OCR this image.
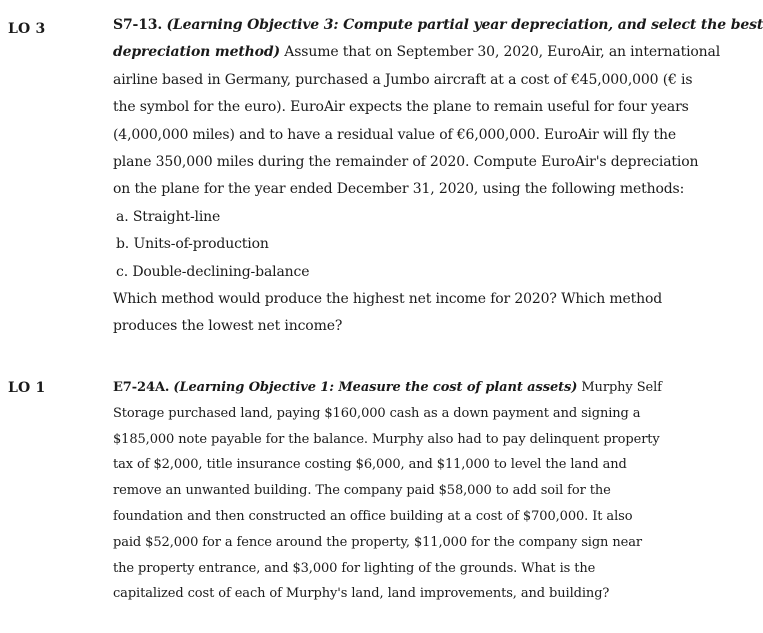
LO 3	S7-13. (Learning Objective 3: Compute partial year depreciation, and select the best
depreciation method) Assume that on September 30, 2020, EuroAir, an international
airline based in Germany, purchased a Jumbo aircraft at a cost of €45,000,000 (€ is
the symbol for the euro). EuroAir expects the plane to remain useful for four years
(4,000,000 miles) and to have a residual value of €6,000,000. EuroAir will fly the
plane 350,000 miles during the remainder of 2020. Compute EuroAir's depreciation
on the plane for the year ended December 31, 2020, using the following methods:
a. Straight-line
b. Units-of-production
c. Double-declining-balance
Which method would produce the highest net income for 2020? Which method
produces the lowest net income?
LO 1	E7-24A. (Learning Objective 1: Measure the cost of plant assets) Murphy Self
Storage purchased land, paying $160,000 cash as a down payment and signing a
$185,000 note payable for the balance. Murphy also had to pay delinquent property
tax of $2,000, title insurance costing $6,000, and $11,000 to level the land and
remove an unwanted building. The company paid $58,000 to add soil for the
foundation and then constructed an office building at a cost of $700,000. It also
paid $52,000 for a fence around the property, $11,000 for the company sign near
the property entrance, and $3,000 for lighting of the grounds. What is the
capitalized cost of each of Murphy's land, land improvements, and building?
